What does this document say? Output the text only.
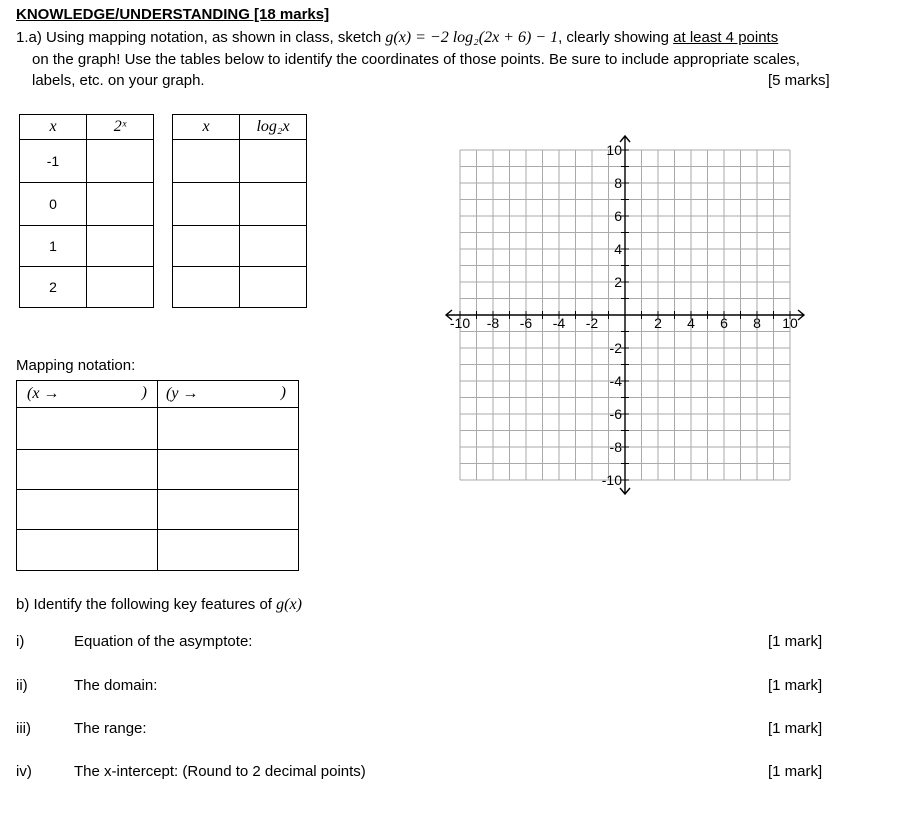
KNOWLEDGE/UNDERSTANDING [18 marks]
1.a) Using mapping notation, as shown in class, sketch g(x) = −2 log₂(2x + 6) − 1, clearly showing at least 4 points
on the graph! Use the tables below to identify the coordinates of those points. Be sure to include appropriate scales,
labels, etc. on your graph.	[5 marks]
x	2ˣ
-1	
0	
1	
2	
x	log₂x

Mapping notation:
(x → )	(y → )

-10 -8 -6 -4 -2	2 4 6 8 10
10
8
6
4
2
-2
-4
-6
-8
-10
b) Identify the following key features of g(x)
i)	Equation of the asymptote:	[1 mark]
ii)	The domain:	[1 mark]
iii)	The range:	[1 mark]
iv)	The x-intercept: (Round to 2 decimal points)	[1 mark]
